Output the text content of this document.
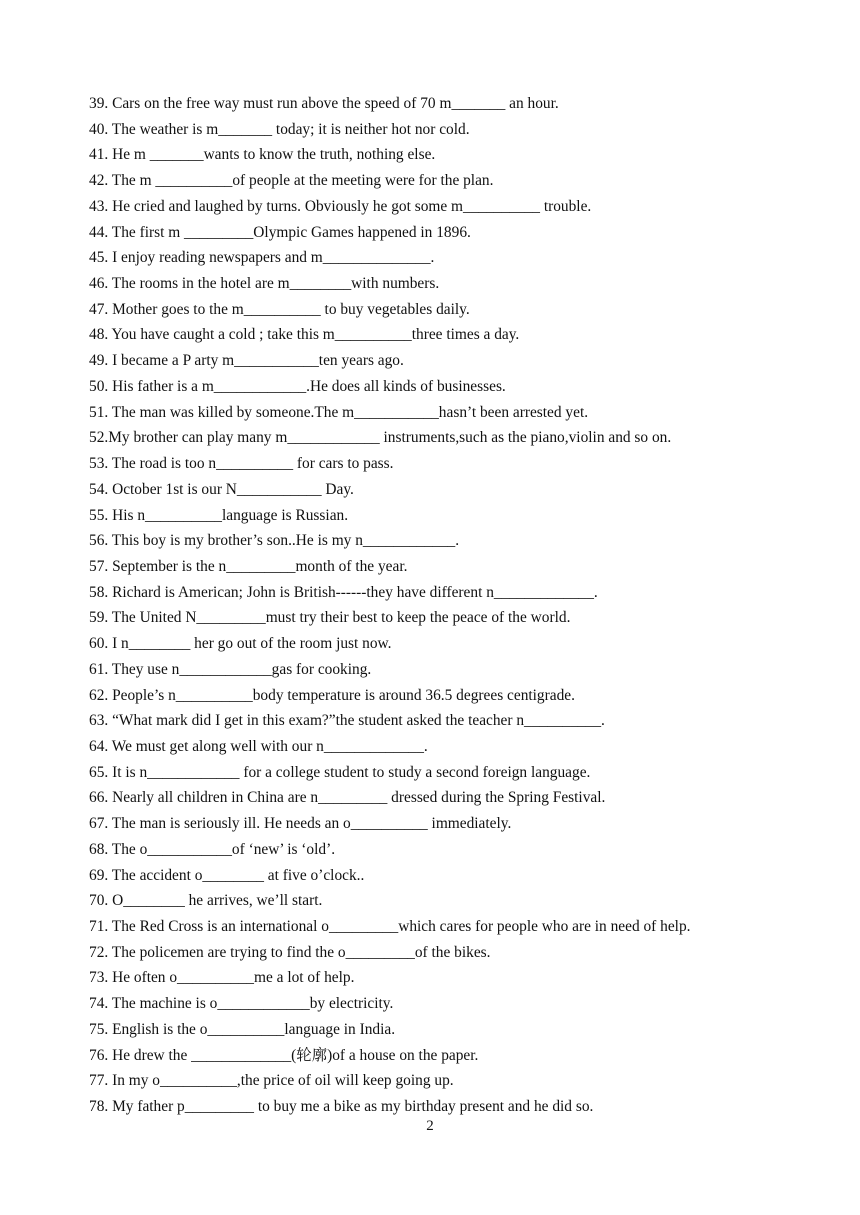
39. Cars on the free way must run above the speed of 70 m_______ an hour.
40. The weather is m_______ today; it is neither hot nor cold.
41. He m _______wants to know the truth, nothing else.
42. The m __________of people at the meeting were for the plan.
43. He cried and laughed by turns. Obviously he got some m__________ trouble.
44. The first m _________Olympic Games happened in 1896.
45. I enjoy reading newspapers and m______________.
46. The rooms in the hotel are m________with numbers.
47. Mother goes to the m__________ to buy vegetables daily.
48. You have caught a cold ; take this m__________three times a day.
49. I became a P arty m___________ten years ago.
50. His father is a m____________.He does all kinds of businesses.
51. The man was killed by someone.The m___________hasn’t been arrested yet.
52.My brother can play many m____________ instruments,such as the piano,violin and so on.
53. The road is too n__________ for cars to pass.
54. October 1st is our N___________ Day.
55. His n__________language is Russian.
56. This boy is my brother’s son..He is my n____________.
57. September is the n_________month of the year.
58. Richard is American; John is British------they have different n_____________.
59. The United N_________must try their best to keep the peace of the world.
60. I n________ her go out of the room just now.
61. They use n____________gas for cooking.
62. People’s n__________body temperature is around 36.5 degrees centigrade.
63. “What mark did I get in this exam?”the student asked the teacher n__________.
64. We must get along well with our n_____________.
65. It is n____________ for a college student to study a second foreign language.
66. Nearly all children in China are n_________ dressed during the Spring Festival.
67. The man is seriously ill. He needs an o__________ immediately.
68. The o___________of ‘new’ is ‘old’.
69. The accident o________ at five o’clock..
70. O________ he arrives, we’ll start.
71. The Red Cross is an international o_________which cares for people who are in need of help.
72. The policemen are trying to find the o_________of the bikes.
73. He often o__________me a lot of help.
74. The machine is o____________by electricity.
75. English is the o__________language in India.
76. He drew the _____________(轮廓)of a house on the paper.
77. In my o__________,the price of oil will keep going up.
78. My father p_________ to buy me a bike as my birthday present and he did so.
2
